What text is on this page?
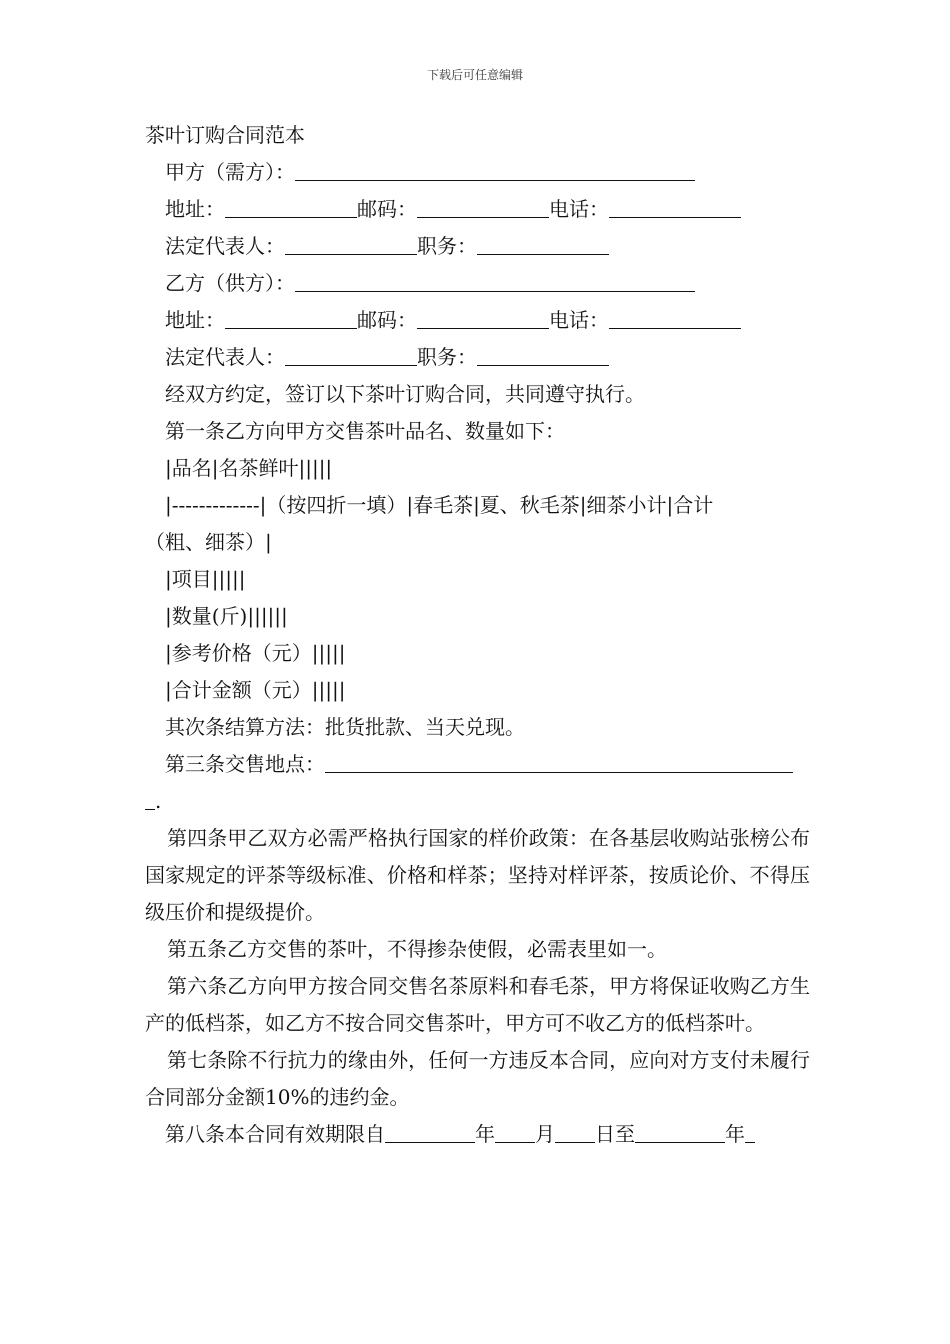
下载后可任意编辑
茶叶订购合同范本
甲方（需方）：
地址：	邮码：	电话：
法定代表人：	职务：
乙方（供方）：
地址：	邮码：	电话：
法定代表人：	职务：
经双方约定，签订以下茶叶订购合同，共同遵守执行。
第一条乙方向甲方交售茶叶品名、数量如下：
|品名|名茶鲜叶|||||
|-------------|（按四折一填）|春毛茶|夏、秋毛茶|细茶小计|合计
（粗、细茶）|
|项目|||||
|数量(斤)||||||
|参考价格（元）|||||
|合计金额（元）|||||
其次条结算方法：批货批款、当天兑现。
第三条交售地点：
.
第四条甲乙双方必需严格执行国家的样价政策：在各基层收购站张榜公布国家规定的评茶等级标准、价格和样茶；坚持对样评茶，按质论价、不得压级压价和提级提价。
第五条乙方交售的茶叶，不得掺杂使假，必需表里如一。
第六条乙方向甲方按合同交售名茶原料和春毛茶，甲方将保证收购乙方生产的低档茶，如乙方不按合同交售茶叶，甲方可不收乙方的低档茶叶。
第七条除不行抗力的缘由外，任何一方违反本合同，应向对方支付未履行合同部分金额10%的违约金。
第八条本合同有效期限自	年 月 日至	年
